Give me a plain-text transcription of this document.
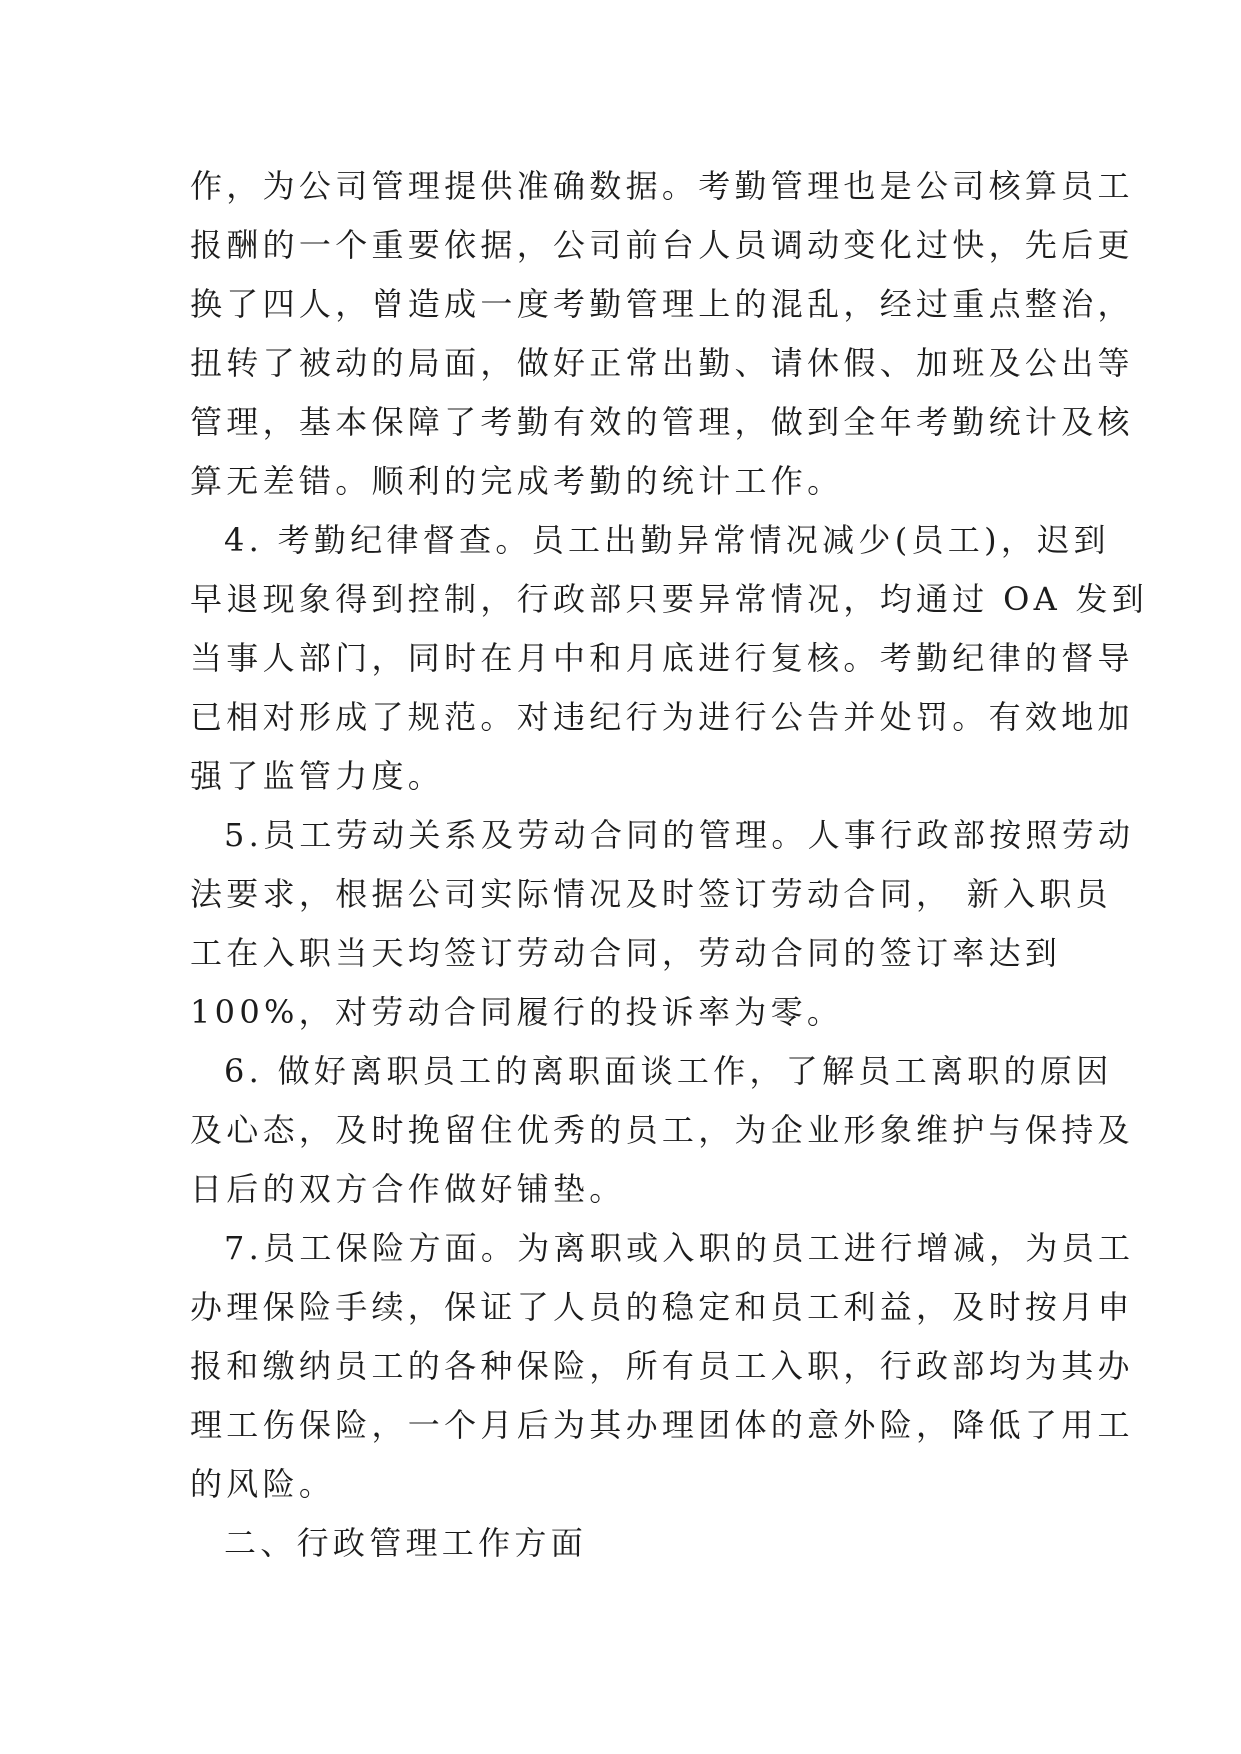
作，为公司管理提供准确数据。考勤管理也是公司核算员工
报酬的一个重要依据，公司前台人员调动变化过快，先后更
换了四人，曾造成一度考勤管理上的混乱，经过重点整治，
扭转了被动的局面，做好正常出勤、请休假、加班及公出等
管理，基本保障了考勤有效的管理，做到全年考勤统计及核
算无差错。顺利的完成考勤的统计工作。
4. 考勤纪律督查。员工出勤异常情况减少(员工)，迟到
早退现象得到控制，行政部只要异常情况，均通过 OA 发到
当事人部门，同时在月中和月底进行复核。考勤纪律的督导
已相对形成了规范。对违纪行为进行公告并处罚。有效地加
强了监管力度。
5.员工劳动关系及劳动合同的管理。人事行政部按照劳动
法要求，根据公司实际情况及时签订劳动合同， 新入职员
工在入职当天均签订劳动合同，劳动合同的签订率达到
100%，对劳动合同履行的投诉率为零。
6. 做好离职员工的离职面谈工作，了解员工离职的原因
及心态，及时挽留住优秀的员工，为企业形象维护与保持及
日后的双方合作做好铺垫。
7.员工保险方面。为离职或入职的员工进行增减，为员工
办理保险手续，保证了人员的稳定和员工利益，及时按月申
报和缴纳员工的各种保险，所有员工入职，行政部均为其办
理工伤保险，一个月后为其办理团体的意外险，降低了用工
的风险。
二、行政管理工作方面
